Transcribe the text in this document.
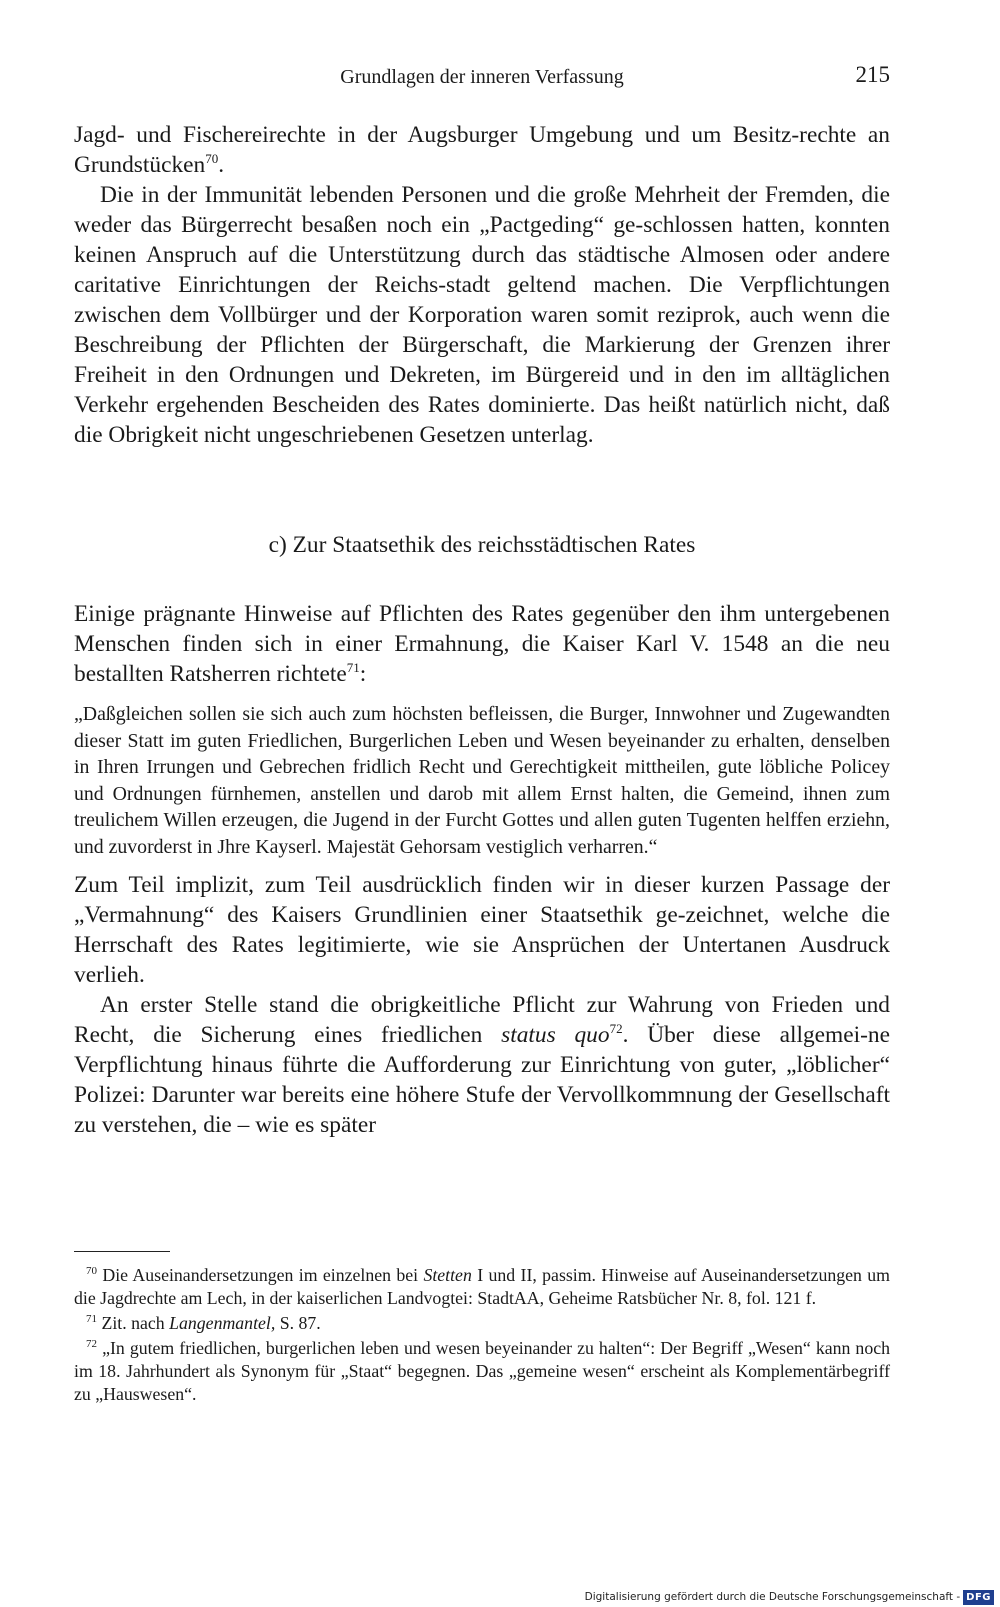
Grundlagen der inneren Verfassung	215

Jagd- und Fischereirechte in der Augsburger Umgebung und um Besitz-rechte an Grundstücken$^{70}$.

Die in der Immunität lebenden Personen und die große Mehrheit der Fremden, die weder das Bürgerrecht besaßen noch ein „Pactgeding“ ge-schlossen hatten, konnten keinen Anspruch auf die Unterstützung durch das städtische Almosen oder andere caritative Einrichtungen der Reichs-stadt geltend machen. Die Verpflichtungen zwischen dem Vollbürger und der Korporation waren somit reziprok, auch wenn die Beschreibung der Pflichten der Bürgerschaft, die Markierung der Grenzen ihrer Freiheit in den Ordnungen und Dekreten, im Bürgereid und in den im alltäglichen Verkehr ergehenden Bescheiden des Rates dominierte. Das heißt natürlich nicht, daß die Obrigkeit nicht ungeschriebenen Gesetzen unterlag.

c) Zur Staatsethik des reichsstädtischen Rates

Einige prägnante Hinweise auf Pflichten des Rates gegenüber den ihm untergebenen Menschen finden sich in einer Ermahnung, die Kaiser Karl V. 1548 an die neu bestallten Ratsherren richtete$^{71}$:

„Daßgleichen sollen sie sich auch zum höchsten befleissen, die Burger, Innwohner und Zugewandten dieser Statt im guten Friedlichen, Burgerlichen Leben und Wesen beyeinander zu erhalten, denselben in Ihren Irrungen und Gebrechen fridlich Recht und Gerechtigkeit mittheilen, gute löbliche Policey und Ordnungen fürnhemen, anstellen und darob mit allem Ernst halten, die Gemeind, ihnen zum treulichem Willen erzeugen, die Jugend in der Furcht Gottes und allen guten Tugenten helffen erziehn, und zuvorderst in Jhre Kayserl. Majestät Gehorsam vestiglich verharren.“

Zum Teil implizit, zum Teil ausdrücklich finden wir in dieser kurzen Passage der „Vermahnung“ des Kaisers Grundlinien einer Staatsethik ge-zeichnet, welche die Herrschaft des Rates legitimierte, wie sie Ansprüchen der Untertanen Ausdruck verlieh.

An erster Stelle stand die obrigkeitliche Pflicht zur Wahrung von Frieden und Recht, die Sicherung eines friedlichen status quo$^{72}$. Über diese allgemei-ne Verpflichtung hinaus führte die Aufforderung zur Einrichtung von guter, „löblicher“ Polizei: Darunter war bereits eine höhere Stufe der Vervollkommnung der Gesellschaft zu verstehen, die – wie es später

$^{70}$ Die Auseinandersetzungen im einzelnen bei Stetten I und II, passim. Hinweise auf Auseinandersetzungen um die Jagdrechte am Lech, in der kaiserlichen Landvogtei: StadtAA, Geheime Ratsbücher Nr. 8, fol. 121 f.

$^{71}$ Zit. nach Langenmantel, S. 87.

$^{72}$ „In gutem friedlichen, burgerlichen leben und wesen beyeinander zu halten“: Der Begriff „Wesen“ kann noch im 18. Jahrhundert als Synonym für „Staat“ begegnen. Das „gemeine wesen“ erscheint als Komplementärbegriff zu „Hauswesen“.

Digitalisierung gefördert durch die Deutsche Forschungsgemeinschaft - DFG
